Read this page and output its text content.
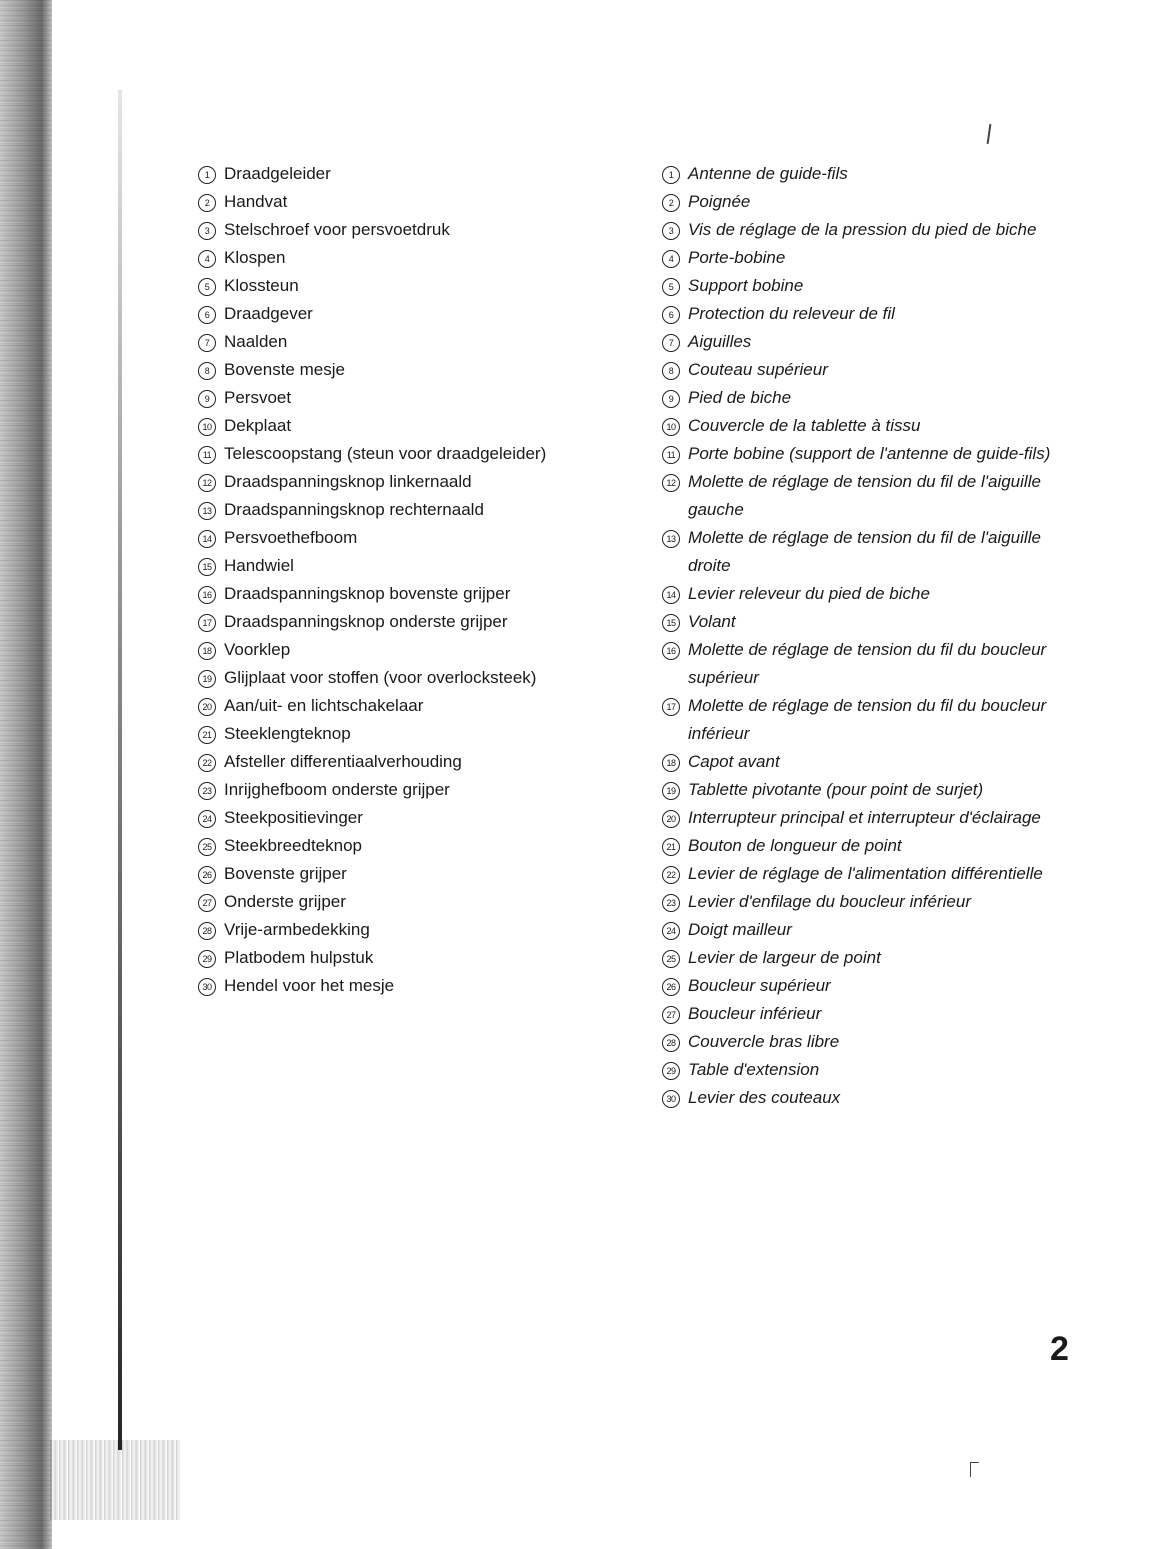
1 Draadgeleider
2 Handvat
3 Stelschroef voor persvoetdruk
4 Klospen
5 Klossteun
6 Draadgever
7 Naalden
8 Bovenste mesje
9 Persvoet
10 Dekplaat
11 Telescoopstang (steun voor draadgeleider)
12 Draadspanningsknop linkernaald
13 Draadspanningsknop rechternaald
14 Persvoethefboom
15 Handwiel
16 Draadspanningsknop bovenste grijper
17 Draadspanningsknop onderste grijper
18 Voorklep
19 Glijplaat voor stoffen (voor overlocksteek)
20 Aan/uit- en lichtschakelaar
21 Steeklengteknop
22 Afsteller differentiaalverhouding
23 Inrijghefboom onderste grijper
24 Steekpositievinger
25 Steekbreedteknop
26 Bovenste grijper
27 Onderste grijper
28 Vrije-armbedekking
29 Platbodem hulpstuk
30 Hendel voor het mesje
1 Antenne de guide-fils
2 Poignée
3 Vis de réglage de la pression du pied de biche
4 Porte-bobine
5 Support bobine
6 Protection du releveur de fil
7 Aiguilles
8 Couteau supérieur
9 Pied de biche
10 Couvercle de la tablette à tissu
11 Porte bobine (support de l'antenne de guide-fils)
12 Molette de réglage de tension du fil de l'aiguille gauche
13 Molette de réglage de tension du fil de l'aiguille droite
14 Levier releveur du pied de biche
15 Volant
16 Molette de réglage de tension du fil du boucleur supérieur
17 Molette de réglage de tension du fil du boucleur inférieur
18 Capot avant
19 Tablette pivotante (pour point de surjet)
20 Interrupteur principal et interrupteur d'éclairage
21 Bouton de longueur de point
22 Levier de réglage de l'alimentation différentielle
23 Levier d'enfilage du boucleur inférieur
24 Doigt mailleur
25 Levier de largeur de point
26 Boucleur supérieur
27 Boucleur inférieur
28 Couvercle bras libre
29 Table d'extension
30 Levier des couteaux
2
